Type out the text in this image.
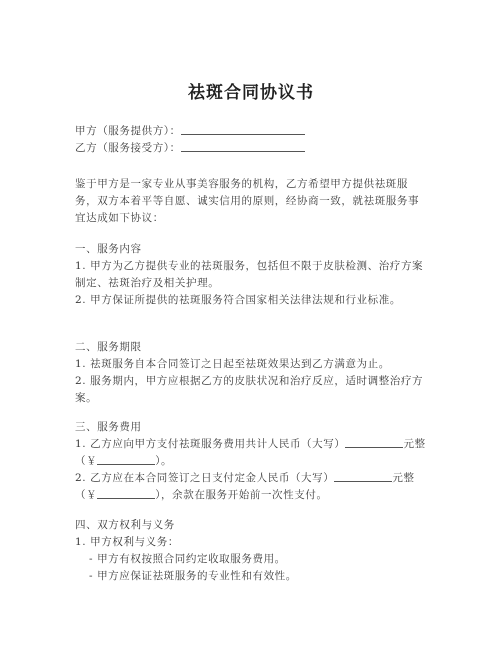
祛斑合同协议书
甲方（服务提供方）：
乙方（服务接受方）：
鉴于甲方是一家专业从事美容服务的机构，乙方希望甲方提供祛斑服务，双方本着平等自愿、诚实信用的原则，经协商一致，就祛斑服务事宜达成如下协议：
一、服务内容
1. 甲方为乙方提供专业的祛斑服务，包括但不限于皮肤检测、治疗方案制定、祛斑治疗及相关护理。
2. 甲方保证所提供的祛斑服务符合国家相关法律法规和行业标准。
二、服务期限
1. 祛斑服务自本合同签订之日起至祛斑效果达到乙方满意为止。
2. 服务期内，甲方应根据乙方的皮肤状况和治疗反应，适时调整治疗方案。
三、服务费用
1. 乙方应向甲方支付祛斑服务费用共计人民币（大写）	元整（￥	）。
2. 乙方应在本合同签订之日支付定金人民币（大写）	元整（￥	），余款在服务开始前一次性支付。
四、双方权利与义务
1. 甲方权利与义务：
- 甲方有权按照合同约定收取服务费用。
- 甲方应保证祛斑服务的专业性和有效性。
